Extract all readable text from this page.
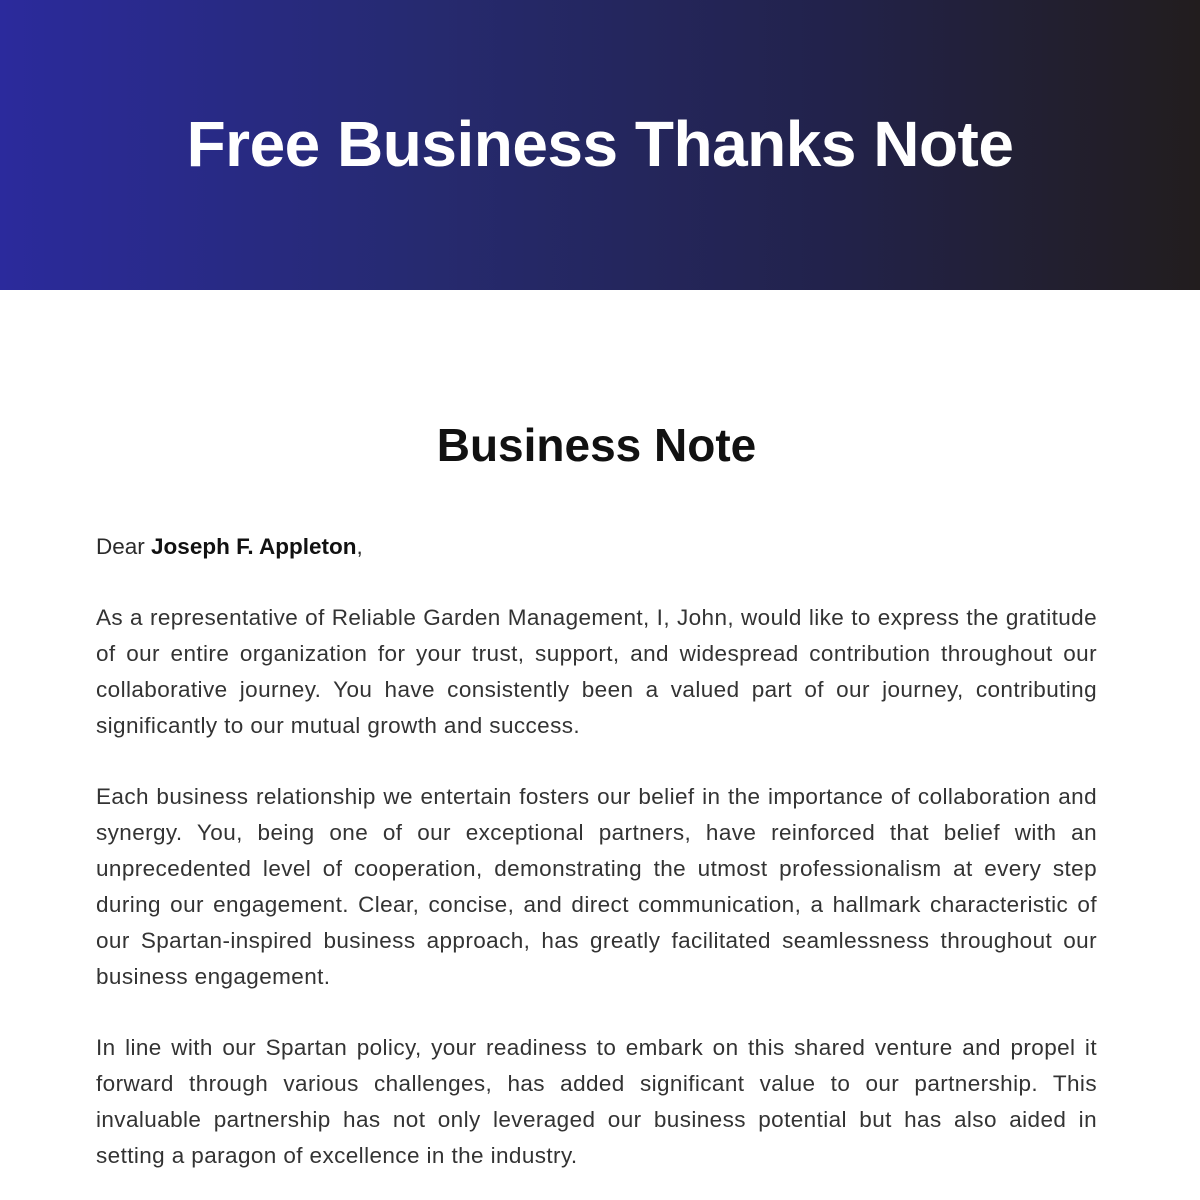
Free Business Thanks Note
Business Note

Dear Joseph F. Appleton,

As a representative of Reliable Garden Management, I, John, would like to express the gratitude of our entire organization for your trust, support, and widespread contribution throughout our collaborative journey. You have consistently been a valued part of our journey, contributing significantly to our mutual growth and success.

Each business relationship we entertain fosters our belief in the importance of collaboration and synergy. You, being one of our exceptional partners, have reinforced that belief with an unprecedented level of cooperation, demonstrating the utmost professionalism at every step during our engagement. Clear, concise, and direct communication, a hallmark characteristic of our Spartan-inspired business approach, has greatly facilitated seamlessness throughout our business engagement.

In line with our Spartan policy, your readiness to embark on this shared venture and propel it forward through various challenges, has added significant value to our partnership. This invaluable partnership has not only leveraged our business potential but has also aided in setting a paragon of excellence in the industry.
